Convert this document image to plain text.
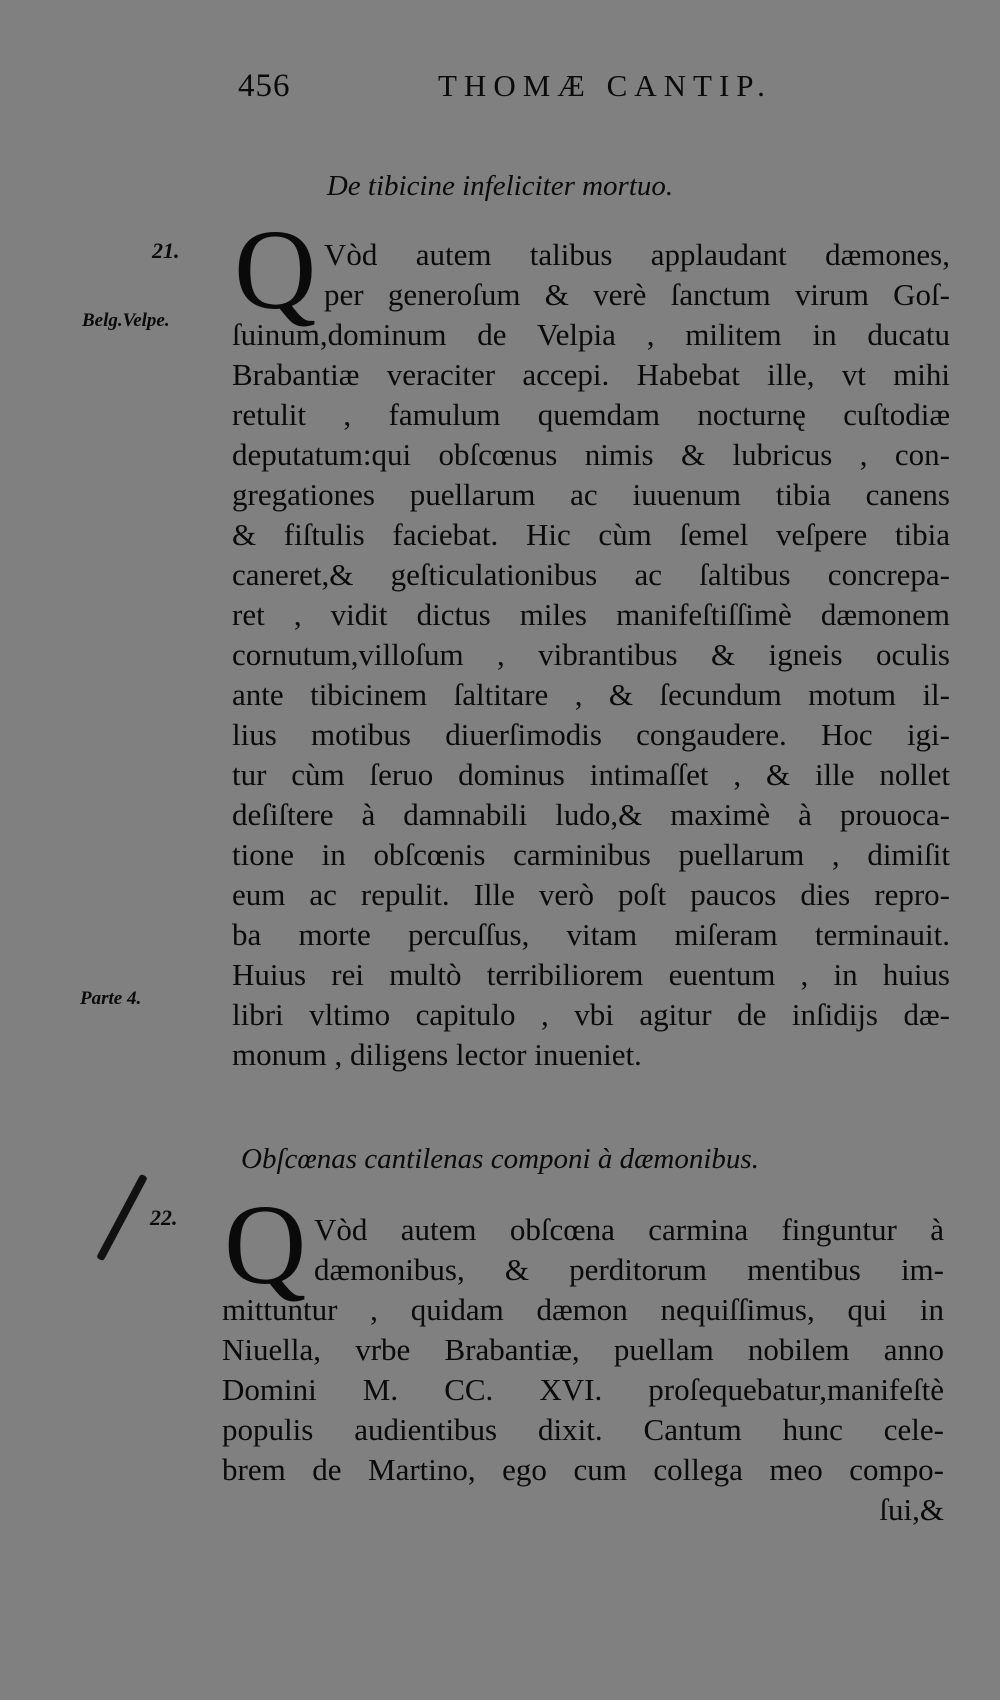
456	THOMÆ CANTIP.
De tibicine infeliciter mortuo.
21.
Belg.Velpe.
Parte 4.
Q Vòd autem talibus applaudant dæmones,
per generoſum & verè ſanctum virum Goſ-
ſuinum,dominum de Velpia , militem in ducatu
Brabantiæ veraciter accepi. Habebat ille, vt mihi
retulit , famulum quemdam nocturnę cuſtodiæ
deputatum:qui obſcœnus nimis & lubricus , con-
gregationes puellarum ac iuuenum tibia canens
& fiſtulis faciebat. Hic cùm ſemel veſpere tibia
caneret,& geſticulationibus ac ſaltibus concrepa-
ret , vidit dictus miles manifeſtiſſimè dæmonem
cornutum,villoſum , vibrantibus & igneis oculis
ante tibicinem ſaltitare , & ſecundum motum il-
lius motibus diuerſimodis congaudere. Hoc igi-
tur cùm ſeruo dominus intimaſſet , & ille nollet
deſiſtere à damnabili ludo,& maximè à prouoca-
tione in obſcœnis carminibus puellarum , dimiſit
eum ac repulit. Ille verò poſt paucos dies repro-
ba morte percuſſus, vitam miſeram terminauit.
Huius rei multò terribiliorem euentum , in huius
libri vltimo capitulo , vbi agitur de inſidijs dæ-
monum , diligens lector inueniet.
Obſcœnas cantilenas componi à dæmonibus.
22. Q Vòd autem obſcœna carmina finguntur à
dæmonibus, & perditorum mentibus im-
mittuntur , quidam dæmon nequiſſimus, qui in
Niuella, vrbe Brabantiæ, puellam nobilem anno
Domini M. CC. XVI. proſequebatur,manifeſtè
populis audientibus dixit. Cantum hunc cele-
brem de Martino, ego cum collega meo compo-
ſui,&
